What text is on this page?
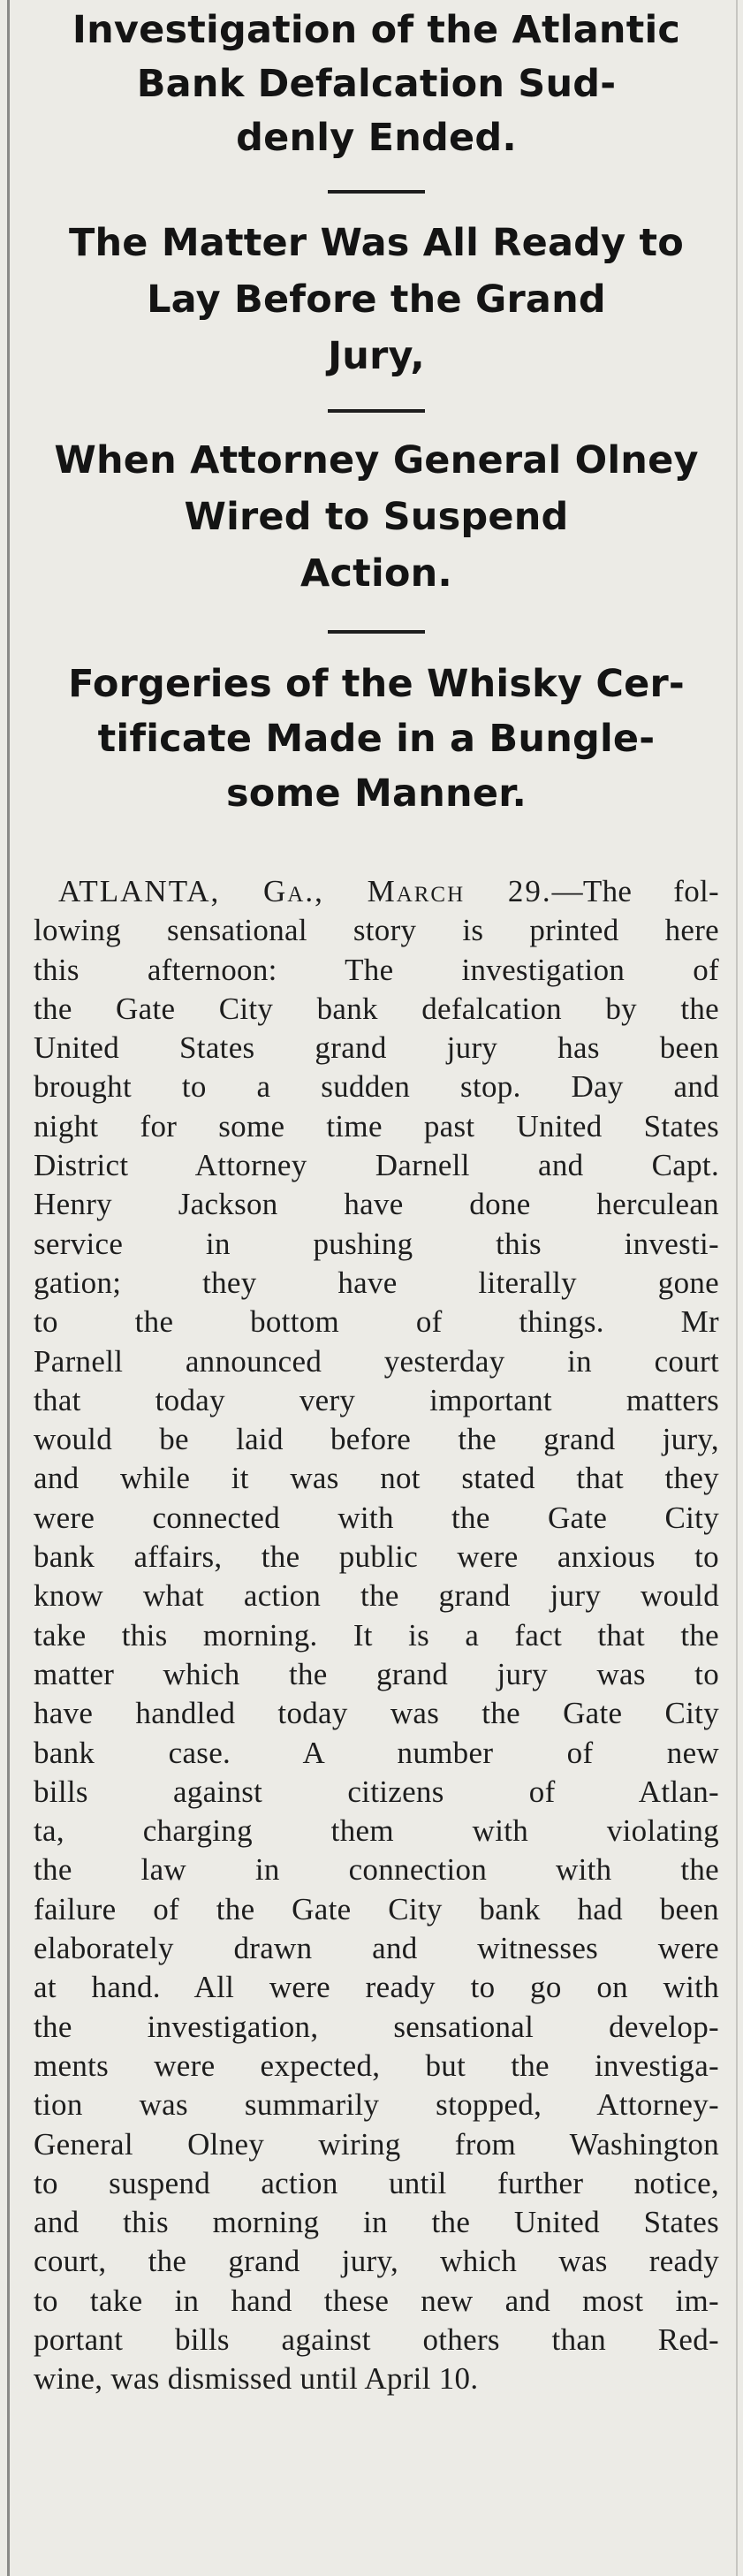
Investigation of the Atlantic
Bank Defalcation Sud-
denly Ended.
The Matter Was All Ready to
Lay Before the Grand
Jury,
When Attorney General Olney
Wired to Suspend
Action.
Forgeries of the Whisky Cer-
tificate Made in a Bungle-
some Manner.
ATLANTA, Ga., March 29.—The fol-
lowing sensational story is printed here
this afternoon: The investigation of
the Gate City bank defalcation by the
United States grand jury has been
brought to a sudden stop. Day and
night for some time past United States
District Attorney Darnell and Capt.
Henry Jackson have done herculean
service in pushing this investi-
gation; they have literally gone
to the bottom of things. Mr
Parnell announced yesterday in court
that today very important matters
would be laid before the grand jury,
and while it was not stated that they
were connected with the Gate City
bank affairs, the public were anxious to
know what action the grand jury would
take this morning. It is a fact that the
matter which the grand jury was to
have handled today was the Gate City
bank case. A number of new
bills against citizens of Atlan-
ta, charging them with violating
the law in connection with the
failure of the Gate City bank had been
elaborately drawn and witnesses were
at hand. All were ready to go on with
the investigation, sensational develop-
ments were expected, but the investiga-
tion was summarily stopped, Attorney-
General Olney wiring from Washington
to suspend action until further notice,
and this morning in the United States
court, the grand jury, which was ready
to take in hand these new and most im-
portant bills against others than Red-
wine, was dismissed until April 10.
